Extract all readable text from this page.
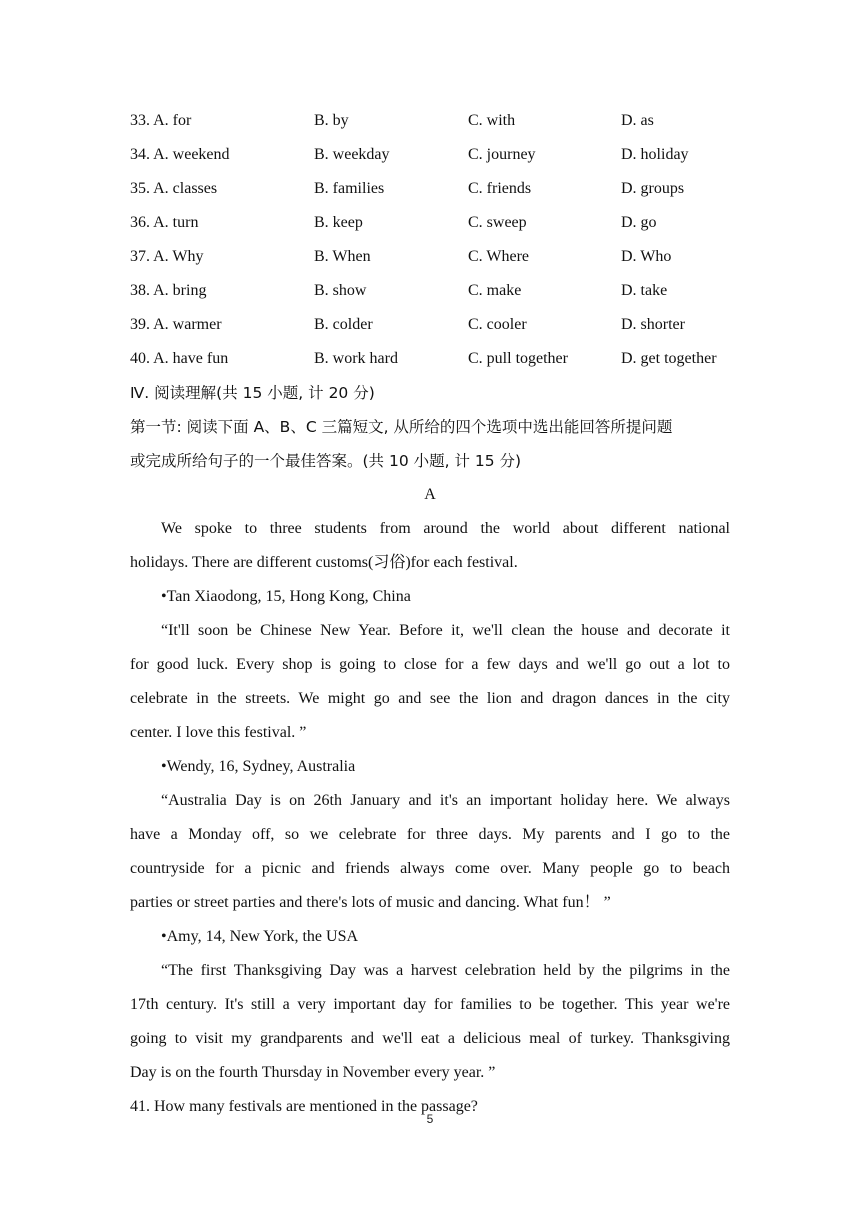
33. A. for	B. by	C. with	D. as
34. A. weekend	B. weekday	C. journey	D. holiday
35. A. classes	B. families	C. friends	D. groups
36. A. turn	B. keep	C. sweep	D. go
37. A. Why	B. When	C. Where	D. Who
38. A. bring	B. show	C. make	D. take
39. A. warmer	B. colder	C. cooler	D. shorter
40. A. have fun	B. work hard	C. pull together	D. get together
Ⅳ. 阅读理解(共 15 小题, 计 20 分)
第一节: 阅读下面 A、B、C 三篇短文, 从所给的四个选项中选出能回答所提问题
或完成所给句子的一个最佳答案。(共 10 小题, 计 15 分)
A
We spoke to three students from around the world about different national
holidays. There are different customs(习俗)for each festival.
•Tan Xiaodong, 15, Hong Kong, China
“It'll soon be Chinese New Year. Before it, we'll clean the house and decorate it
for good luck. Every shop is going to close for a few days and we'll go out a lot to
celebrate in the streets. We might go and see the lion and dragon dances in the city
center. I love this festival. ”
•Wendy, 16, Sydney, Australia
“Australia Day is on 26th January and it's an important holiday here. We always
have a Monday off, so we celebrate for three days. My parents and I go to the
countryside for a picnic and friends always come over. Many people go to beach
parties or street parties and there's lots of music and dancing. What fun！ ”
•Amy, 14, New York, the USA
“The first Thanksgiving Day was a harvest celebration held by the pilgrims in the
17th century. It's still a very important day for families to be together. This year we're
going to visit my grandparents and we'll eat a delicious meal of turkey. Thanksgiving
Day is on the fourth Thursday in November every year. ”
41. How many festivals are mentioned in the passage?
5
